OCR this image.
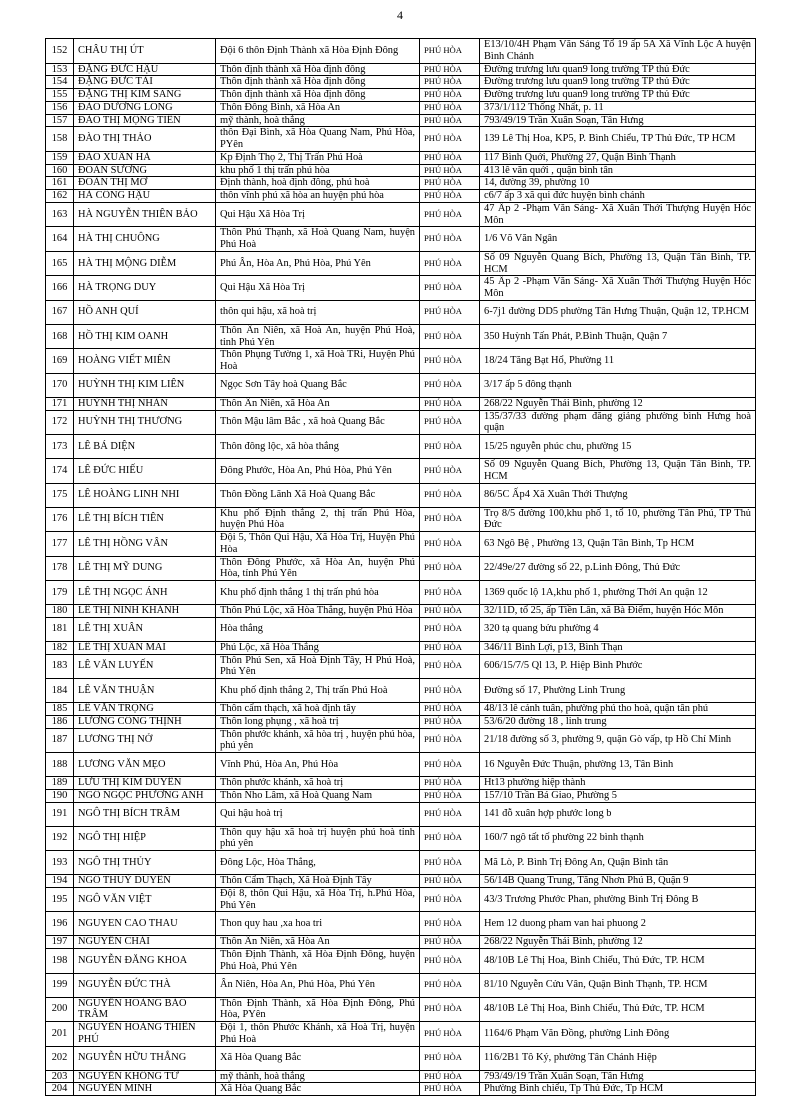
4
152	CHÂU THỊ ÚT	Đội 6 thôn Định Thành xã Hòa Định Đông	PHÚ HÒA	E13/10/4H Phạm Văn Sáng Tổ 19 ấp 5A Xã Vĩnh Lộc A huyện Bình Chánh
153	ĐẶNG ĐỨC HẬU	Thôn định thành xã Hòa định đông	PHÚ HÒA	Đường trương lưu quan9 long trường TP thủ Đức
154	ĐẶNG ĐỨC TÀI	Thôn định thành xã Hòa định đông	PHÚ HÒA	Đường trương lưu quan9 long trường TP thủ Đức
155	ĐẶNG THỊ KIM SANG	Thôn định thành xã Hòa định đông	PHÚ HÒA	Đường trương lưu quan9 long trường TP thủ Đức
156	ĐÀO DƯƠNG LONG	Thôn Đông Bình, xã Hòa An	PHÚ HÒA	373/1/112 Thống Nhất, p. 11
157	ĐÀO THỊ MỘNG TIỀN	mỹ thành, hoà thắng	PHÚ HÒA	793/49/19 Trần Xuân Soạn, Tân Hưng
158	ĐÀO THỊ THẢO	thôn Đại Bình, xã Hòa Quang Nam, Phú Hòa, PYên	PHÚ HÒA	139 Lê Thị Hoa, KP5, P. Bình Chiểu, TP Thủ Đức, TP HCM
159	ĐÀO XUÂN HÀ	Kp Định Thọ 2, Thị Trấn Phú Hoà	PHÚ HÒA	117 Bình Quới, Phường 27, Quận Bình Thạnh
160	ĐOÀN SƯƠNG	khu phố 1 thị trấn phú hòa	PHÚ HÒA	413 lê văn quới , quận bình tân
161	ĐOÀN THỊ MƠ	Định thành, hoà định đông, phú hoà	PHÚ HÒA	14, đường 39, phường 10
162	HÀ CÔNG HẬU	thôn vĩnh phú xã hòa an huyện phú hòa	PHÚ HÒA	c6/7 ấp 3 xã qui đức huyện bình chánh
163	HÀ NGUYỄN THIÊN BẢO	Qui Hậu Xã Hòa Trị	PHÚ HÒA	47 Ấp 2 -Phạm Văn Sáng- Xã Xuân Thới Thượng Huyện Hóc Môn
164	HÀ THỊ CHUÔNG	Thôn Phú Thạnh, xã Hoà Quang Nam, huyện Phú Hoà	PHÚ HÒA	1/6 Võ Văn Ngân
165	HÀ THỊ MỘNG DIỄM	Phú Ân, Hòa An, Phú Hòa, Phú Yên	PHÚ HÒA	Số 09 Nguyễn Quang Bích, Phường 13, Quận Tân Bình, TP. HCM
166	HÀ TRỌNG DUY	Qui Hậu Xã Hòa Trị	PHÚ HÒA	45 Ấp 2 -Phạm Văn Sáng- Xã Xuân Thới Thượng Huyện Hóc Môn
167	HỒ ANH QUÍ	thôn qui hậu, xã hoà trị	PHÚ HÒA	6-7j1 đường DD5 phường Tân Hưng Thuận, Quận 12, TP.HCM
168	HỒ THỊ KIM OANH	Thôn Ân Niên, xã Hoà An, huyện Phú Hoà, tỉnh Phú Yên	PHÚ HÒA	350 Huỳnh Tấn Phát, P.Bình Thuận, Quận 7
169	HOÀNG VIẾT MIÊN	Thôn Phụng Tường 1, xã Hoà TRi, Huyện Phú Hoà	PHÚ HÒA	18/24 Tăng Bạt Hổ, Phường 11
170	HUỲNH THỊ KIM LIÊN	Ngọc Sơn Tây hoà Quang Bắc	PHÚ HÒA	3/17 ấp 5 đông thạnh
171	HUỲNH THỊ NHÀN	Thôn Ân Niên, xã Hòa An	PHÚ HÒA	268/22 Nguyễn Thái Bình, phường 12
172	HUỲNH THỊ THƯƠNG	Thôn Mậu lâm Bắc , xã hoà Quang Bắc	PHÚ HÒA	135/37/33 đường phạm đăng giảng phường bình Hưng hoà quận
173	LÊ BÁ DIỆN	Thôn đông lộc, xã hòa thắng	PHÚ HÒA	15/25 nguyễn phúc chu, phường 15
174	LÊ ĐỨC HIẾU	Đông Phước, Hòa An, Phú Hòa, Phú Yên	PHÚ HÒA	Số 09 Nguyễn Quang Bích, Phường 13, Quận Tân Bình, TP. HCM
175	LÊ HOÀNG LINH NHI	Thôn Đồng Lãnh Xã Hoà Quang Bắc	PHÚ HÒA	86/5C Ấp4 Xã Xuân Thới Thượng
176	LÊ THỊ BÍCH TIÊN	Khu phố Định thắng 2, thị trấn Phú Hòa, huyện Phú Hòa	PHÚ HÒA	Trọ 8/5 đường 100,khu phố 1, tổ 10, phường Tân Phú, TP Thủ Đức
177	LÊ THỊ HỒNG VÂN	Đội 5, Thôn Qui Hậu, Xã Hòa Trị, Huyện Phú Hòa	PHÚ HÒA	63 Ngô Bệ , Phường 13, Quận Tân Bình, Tp HCM
178	LÊ THỊ MỸ DUNG	Thôn Đông Phước, xã Hòa An, huyện Phú Hòa, tỉnh Phú Yên	PHÚ HÒA	22/49e/27 đường số 22, p.Linh Đông, Thủ Đức
179	LÊ THỊ NGỌC ÁNH	Khu phố định thắng 1 thị trấn phú hòa	PHÚ HÒA	1369 quốc lộ 1A,khu phố 1, phường Thới An quận 12
180	LÊ THỊ NINH KHÁNH	Thôn Phú Lộc, xã Hòa Thắng, huyện Phú Hòa	PHÚ HÒA	32/11D, tổ 25, ấp Tiền Lân, xã Bà Điểm, huyện Hóc Môn
181	LÊ THỊ XUÂN	Hòa thắng	PHÚ HÒA	320 tạ quang bửu phường 4
182	LÊ THỊ XUÂN MAI	Phú Lộc, xã Hòa Thắng	PHÚ HÒA	346/11 Bình Lợi, p13, Bình Thạn
183	LÊ VĂN LUYẾN	Thôn Phú Sen, xã Hoà Định Tây, H Phú Hoà, Phú Yên	PHÚ HÒA	606/15/7/5 Ql 13, P. Hiệp Bình Phước
184	LÊ VĂN THUẬN	Khu phố định thắng 2, Thị trấn Phú Hoà	PHÚ HÒA	Đường số 17, Phường Linh Trung
185	LÊ VĂN TRỌNG	Thôn cẩm thạch, xã hoà định tây	PHÚ HÒA	48/13 lê cảnh tuân, phường phú tho hoà, quận tân phú
186	LƯƠNG CÔNG THỊNH	Thôn long phụng , xã hoà trị	PHÚ HÒA	53/6/20 đường 18 , linh trung
187	LƯƠNG THỊ NỞ	Thôn phước khánh, xã hòa trị , huyện phú hòa, phú yên	PHÚ HÒA	21/18 đường số 3, phường 9, quận Gò vấp, tp Hồ Chí Minh
188	LƯƠNG VĂN MẸO	Vĩnh Phú, Hòa An, Phú Hòa	PHÚ HÒA	16 Nguyễn Đức Thuận, phường 13, Tân Bình
189	LƯU THỊ KIM DUYÊN	Thôn phước khánh, xã hoà trị	PHÚ HÒA	Ht13 phường hiệp thành
190	NGÔ NGỌC PHƯƠNG ANH	Thôn Nho Lâm, xã Hoà Quang Nam	PHÚ HÒA	157/10 Trần Bá Giao, Phường 5
191	NGÔ THỊ BÍCH TRÂM	Qui hậu hoà trị	PHÚ HÒA	141 đỗ xuân hợp phước long b
192	NGÔ THỊ HIỆP	Thôn quy hậu xã hoà trị huyện phú hoà tỉnh phú yên	PHÚ HÒA	160/7 ngô tất tố phường 22 bình thạnh
193	NGÔ THỊ THỦY	Đông Lộc, Hòa Thắng,	PHÚ HÒA	Mã Lò, P. Bình Trị Đông An, Quận Bình tân
194	NGÔ THUỲ DUYÊN	Thôn Cẩm Thạch, Xã Hoà Định Tây	PHÚ HÒA	56/14B Quang Trung, Tăng Nhơn Phú B, Quận 9
195	NGÔ VĂN VIỆT	Đội 8, thôn Qui Hậu, xã Hòa Trị, h.Phú Hòa, Phú Yên	PHÚ HÒA	43/3 Trương Phước Phan, phường Bình Trị Đông B
196	NGUYEN CAO THAU	Thon quy hau ,xa hoa tri	PHÚ HÒA	Hem 12 duong pham van hai phuong 2
197	NGUYỄN CHẢI	Thôn Ân Niên, xã Hòa An	PHÚ HÒA	268/22 Nguyễn Thái Bình, phường 12
198	NGUYỄN ĐĂNG KHOA	Thôn Định Thành, xã Hòa Định Đông, huyện Phú Hoà, Phú Yên	PHÚ HÒA	48/10B Lê Thị Hoa, Bình Chiểu, Thủ Đức, TP. HCM
199	NGUYỄN ĐỨC THÀ	Ân Niên, Hòa An, Phú Hòa, Phú Yên	PHÚ HÒA	81/10 Nguyễn Cửu Vân, Quận Bình Thạnh, TP. HCM
200	NGUYỄN HOÀNG BẢO TRÂM	Thôn Định Thành, xã Hòa Định Đông, Phú Hòa, PYên	PHÚ HÒA	48/10B Lê Thị Hoa, Bình Chiểu, Thủ Đức, TP. HCM
201	NGUYỄN HOÀNG THIÊN PHÚ	Đội 1, thôn Phước Khánh, xã Hoà Trị, huyện Phú Hoà	PHÚ HÒA	1164/6 Phạm Văn Đồng, phường Linh Đông
202	NGUYỄN HỮU THẮNG	Xã Hòa Quang Bắc	PHÚ HÒA	116/2B1 Tô Ký, phường Tân Chánh Hiệp
203	NGUYỄN KHỔNG TỬ	mỹ thành, hoà thắng	PHÚ HÒA	793/49/19 Trần Xuân Soạn, Tân Hưng
204	NGUYỄN MINH	Xã Hòa Quang Bắc	PHÚ HÒA	Phường Bình chiểu, Tp Thủ Đức, Tp HCM
